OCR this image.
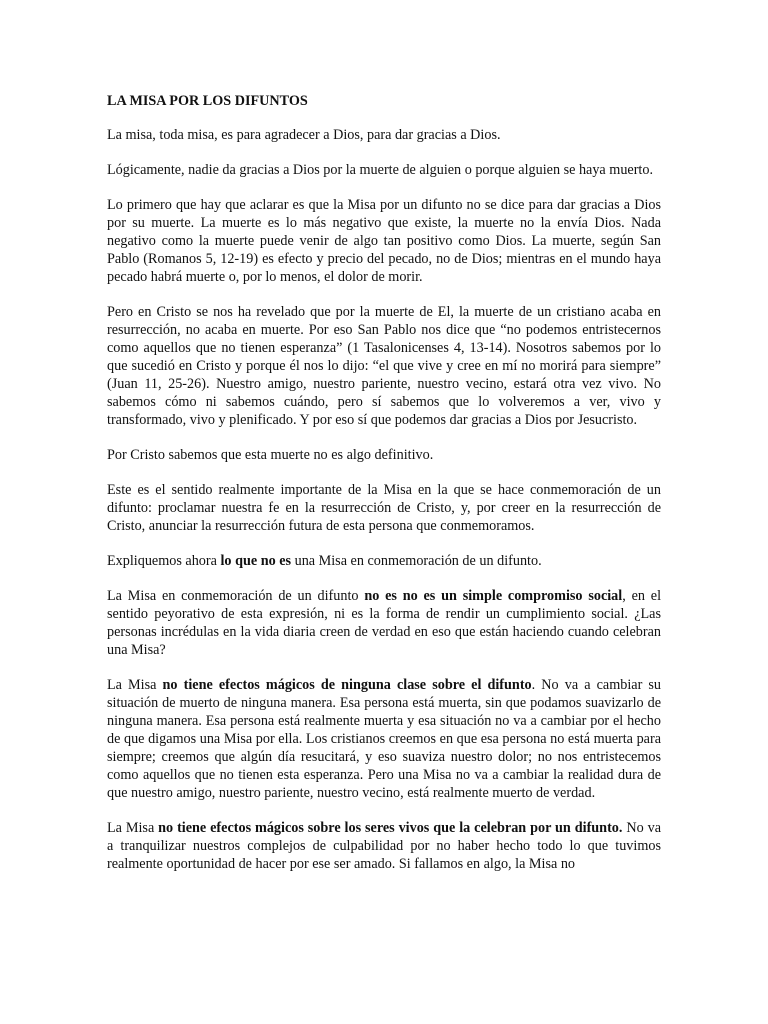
LA MISA POR LOS DIFUNTOS

La misa, toda misa, es para agradecer a Dios, para dar gracias a Dios.

Lógicamente, nadie da gracias a Dios por la muerte de alguien o porque alguien se haya muerto.

Lo primero que hay que aclarar es que la Misa por un difunto no se dice para dar gracias a Dios por su muerte. La muerte es lo más negativo que existe, la muerte no la envía Dios. Nada negativo como la muerte puede venir de algo tan positivo como Dios. La muerte, según San Pablo (Romanos 5, 12-19) es efecto y precio del pecado, no de Dios; mientras en el mundo haya pecado habrá muerte o, por lo menos, el dolor de morir.

Pero en Cristo se nos ha revelado que por la muerte de El, la muerte de un cristiano acaba en resurrección, no acaba en muerte. Por eso San Pablo nos dice que “no podemos entristecernos como aquellos que no tienen esperanza” (1 Tasalonicenses 4, 13-14). Nosotros sabemos por lo que sucedió en Cristo y porque él nos lo dijo: “el que vive y cree en mí no morirá para siempre” (Juan 11, 25-26). Nuestro amigo, nuestro pariente, nuestro vecino, estará otra vez vivo. No sabemos cómo ni sabemos cuándo, pero sí sabemos que lo volveremos a ver, vivo y transformado, vivo y plenificado. Y por eso sí que podemos dar gracias a Dios por Jesucristo.

Por Cristo sabemos que esta muerte no es algo definitivo.

Este es el sentido realmente importante de la Misa en la que se hace conmemoración de un difunto: proclamar nuestra fe en la resurrección de Cristo, y, por creer en la resurrección de Cristo, anunciar la resurrección futura de esta persona que conmemoramos.

Expliquemos ahora lo que no es una Misa en conmemoración de un difunto.

La Misa en conmemoración de un difunto no es no es un simple compromiso social, en el sentido peyorativo de esta expresión, ni es la forma de rendir un cumplimiento social. ¿Las personas incrédulas en la vida diaria creen de verdad en eso que están haciendo cuando celebran una Misa?

La Misa no tiene efectos mágicos de ninguna clase sobre el difunto. No va a cambiar su situación de muerto de ninguna manera. Esa persona está muerta, sin que podamos suavizarlo de ninguna manera. Esa persona está realmente muerta y esa situación no va a cambiar por el hecho de que digamos una Misa por ella. Los cristianos creemos en que esa persona no está muerta para siempre; creemos que algún día resucitará, y eso suaviza nuestro dolor; no nos entristecemos como aquellos que no tienen esta esperanza. Pero una Misa no va a cambiar la realidad dura de que nuestro amigo, nuestro pariente, nuestro vecino, está realmente muerto de verdad.

La Misa no tiene efectos mágicos sobre los seres vivos que la celebran por un difunto. No va a tranquilizar nuestros complejos de culpabilidad por no haber hecho todo lo que tuvimos realmente oportunidad de hacer por ese ser amado. Si fallamos en algo, la Misa no
